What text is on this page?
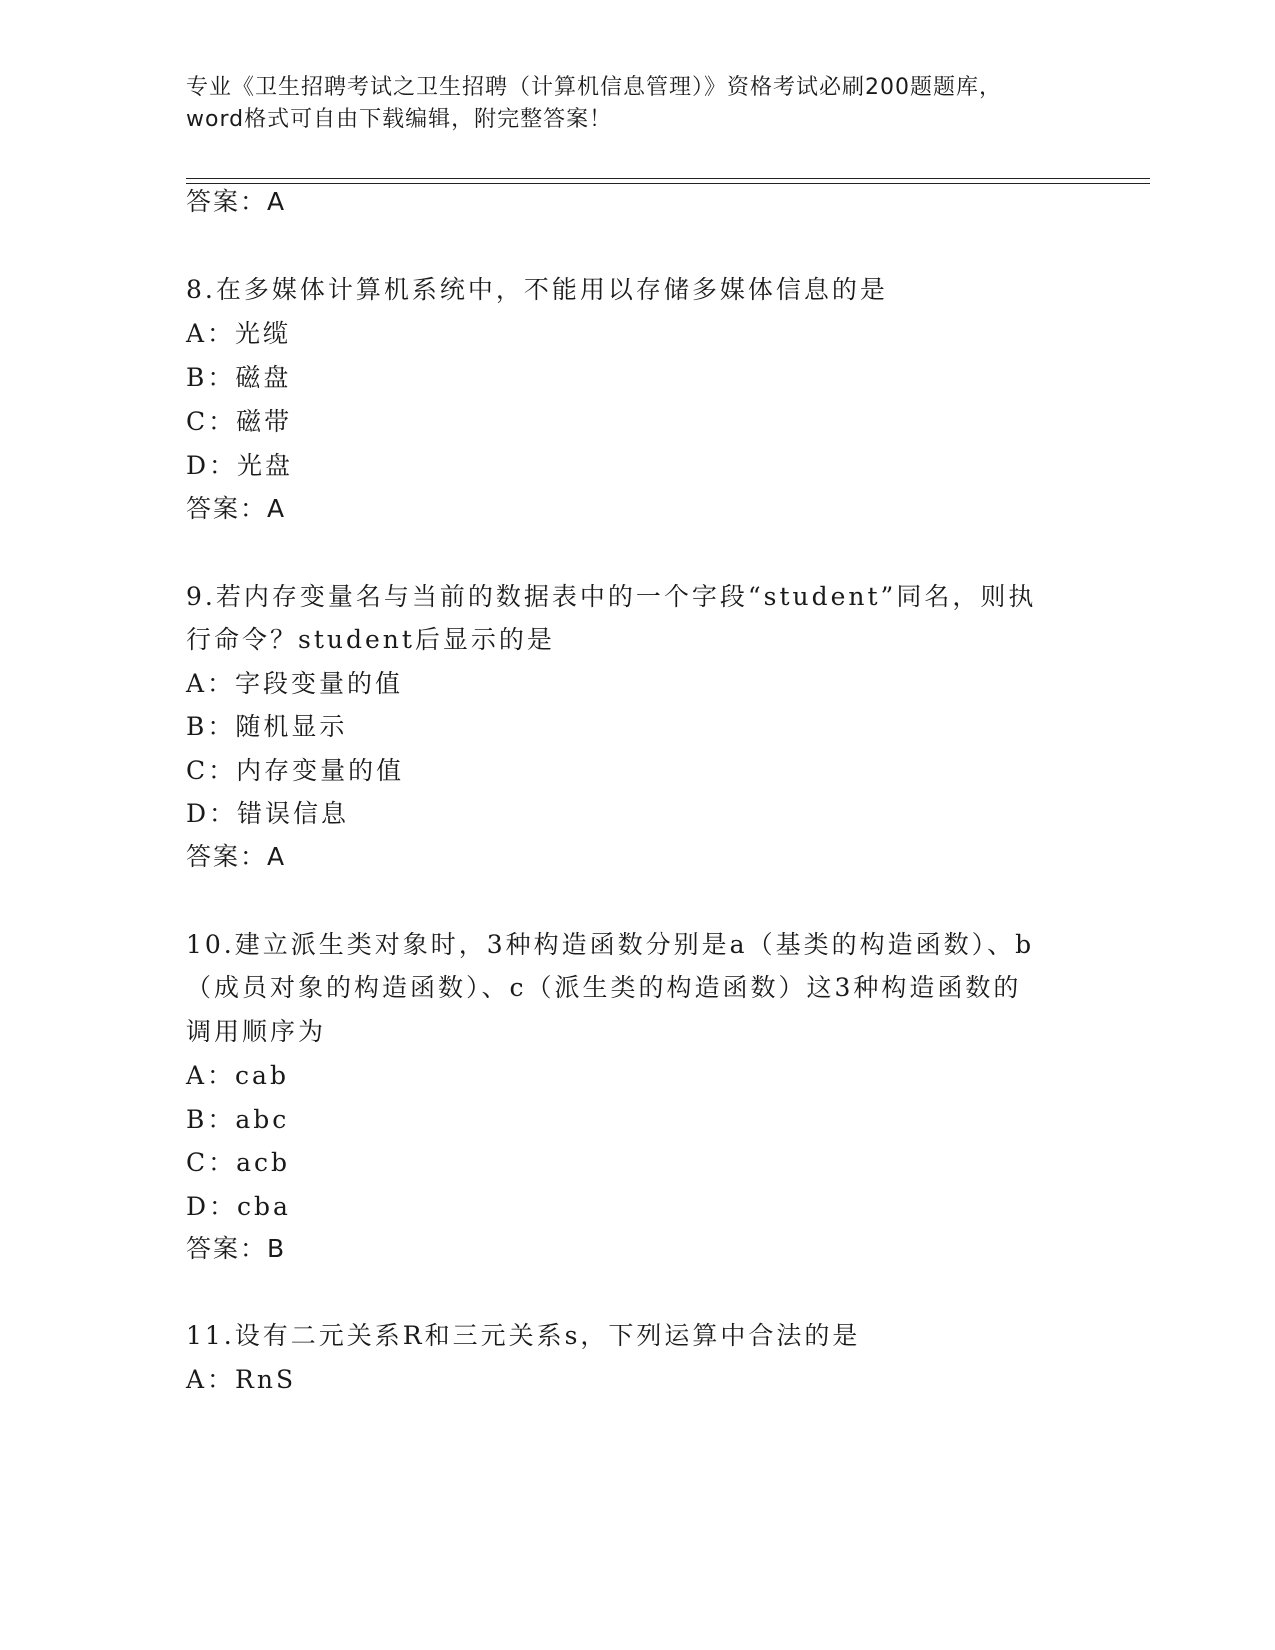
专业《卫生招聘考试之卫生招聘（计算机信息管理）》资格考试必刷200题题库，
word格式可自由下载编辑，附完整答案！
答案：A
8.在多媒体计算机系统中，不能用以存储多媒体信息的是
A：光缆
B：磁盘
C：磁带
D：光盘
答案：A
9.若内存变量名与当前的数据表中的一个字段“student”同名，则执
行命令？student后显示的是
A：字段变量的值
B：随机显示
C：内存变量的值
D：错误信息
答案：A
10.建立派生类对象时，3种构造函数分别是a（基类的构造函数）、b
（成员对象的构造函数）、c（派生类的构造函数）这3种构造函数的
调用顺序为
A：cab
B：abc
C：acb
D：cba
答案：B
11.设有二元关系R和三元关系s，下列运算中合法的是
A：RnS
